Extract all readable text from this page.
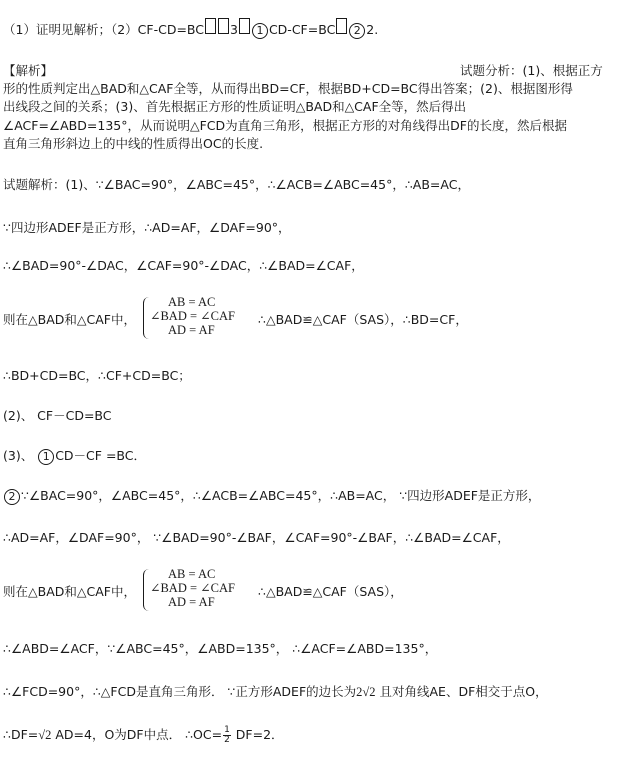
（1）证明见解析；（2）CF-CD=BC 3 1 CD-CF=BC 2 2.
【解析】	试题分析：(1)、根据正方
形的性质判定出△BAD和△CAF全等，从而得出BD=CF，根据BD+CD=BC得出答案；(2)、根据图形得
出线段之间的关系；(3)、首先根据正方形的性质证明△BAD和△CAF全等，然后得出
∠ACF=∠ABD=135°，从而说明△FCD为直角三角形，根据正方形的对角线得出DF的长度，然后根据
直角三角形斜边上的中线的性质得出OC的长度.
试题解析：(1)、∵∠BAC=90°，∠ABC=45°，∴∠ACB=∠ABC=45°，∴AB=AC，
∵四边形ADEF是正方形，∴AD=AF，∠DAF=90°，
∴∠BAD=90°-∠DAC，∠CAF=90°-∠DAC，∴∠BAD=∠CAF，
则在△BAD和△CAF中，
AB = AC
∠BAD = ∠CAF
AD = AF
∴△BAD≌△CAF（SAS），∴BD=CF，
∴BD+CD=BC，∴CF+CD=BC；
(2)、 CF－CD=BC
(3)、 1 CD－CF =BC．
2 ∵∠BAC=90°，∠ABC=45°，∴∠ACB=∠ABC=45°，∴AB=AC， ∵四边形ADEF是正方形，
∴AD=AF，∠DAF=90°， ∵∠BAD=90°-∠BAF，∠CAF=90°-∠BAF，∴∠BAD=∠CAF，
则在△BAD和△CAF中，
AB = AC
∠BAD = ∠CAF
AD = AF
∴△BAD≌△CAF（SAS），
∴∠ABD=∠ACF，∵∠ABC=45°，∠ABD=135°， ∴∠ACF=∠ABD=135°，
∴∠FCD=90°，∴△FCD是直角三角形． ∵正方形ADEF的边长为2√2 且对角线AE、DF相交于点O，
∴DF=√2 AD=4，O为DF中点． ∴OC= $\frac{1}{2} DF=2$．
